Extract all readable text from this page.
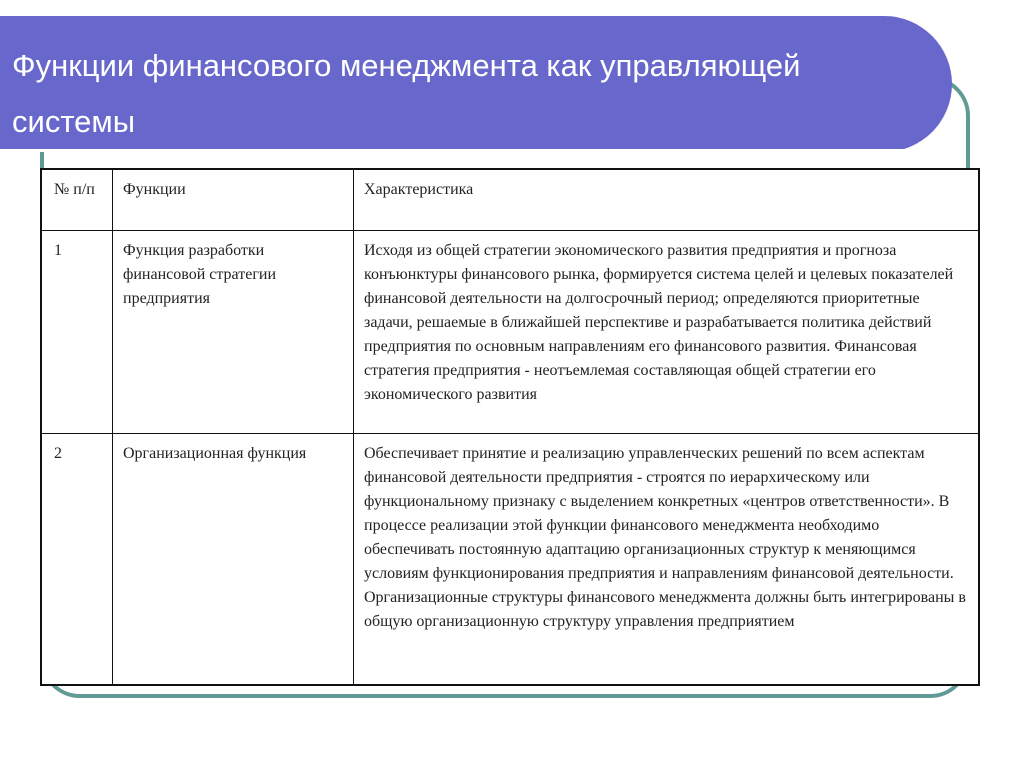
Функции финансового менеджмента как управляющей системы
№ п/п	Функции	Характеристика
1	Функция разработки финансовой стратегии предприятия	Исходя из общей стратегии экономического развития предприятия и прогноза конъюнктуры финансового рынка, формируется система целей и целевых показателей финансовой деятельности на долгосрочный период; определяются приоритетные задачи, решаемые в ближайшей перспективе и разрабатывается политика действий предприятия по основным направлениям его финансового развития. Финансовая стратегия предприятия - неотъемлемая составляющая общей стратегии его экономического развития
2	Организационная функция	Обеспечивает принятие и реализацию управленческих решений по всем аспектам финансовой деятельности предприятия - строятся по иерархическому или функциональному признаку с выделением конкретных «центров ответственности». В процессе реализации этой функции финансового менеджмента необходимо обеспечивать постоянную адаптацию организационных структур к меняющимся условиям функционирования предприятия и направлениям финансовой деятельности. Организационные структуры финансового менеджмента должны быть интегрированы в общую организационную структуру управления предприятием
